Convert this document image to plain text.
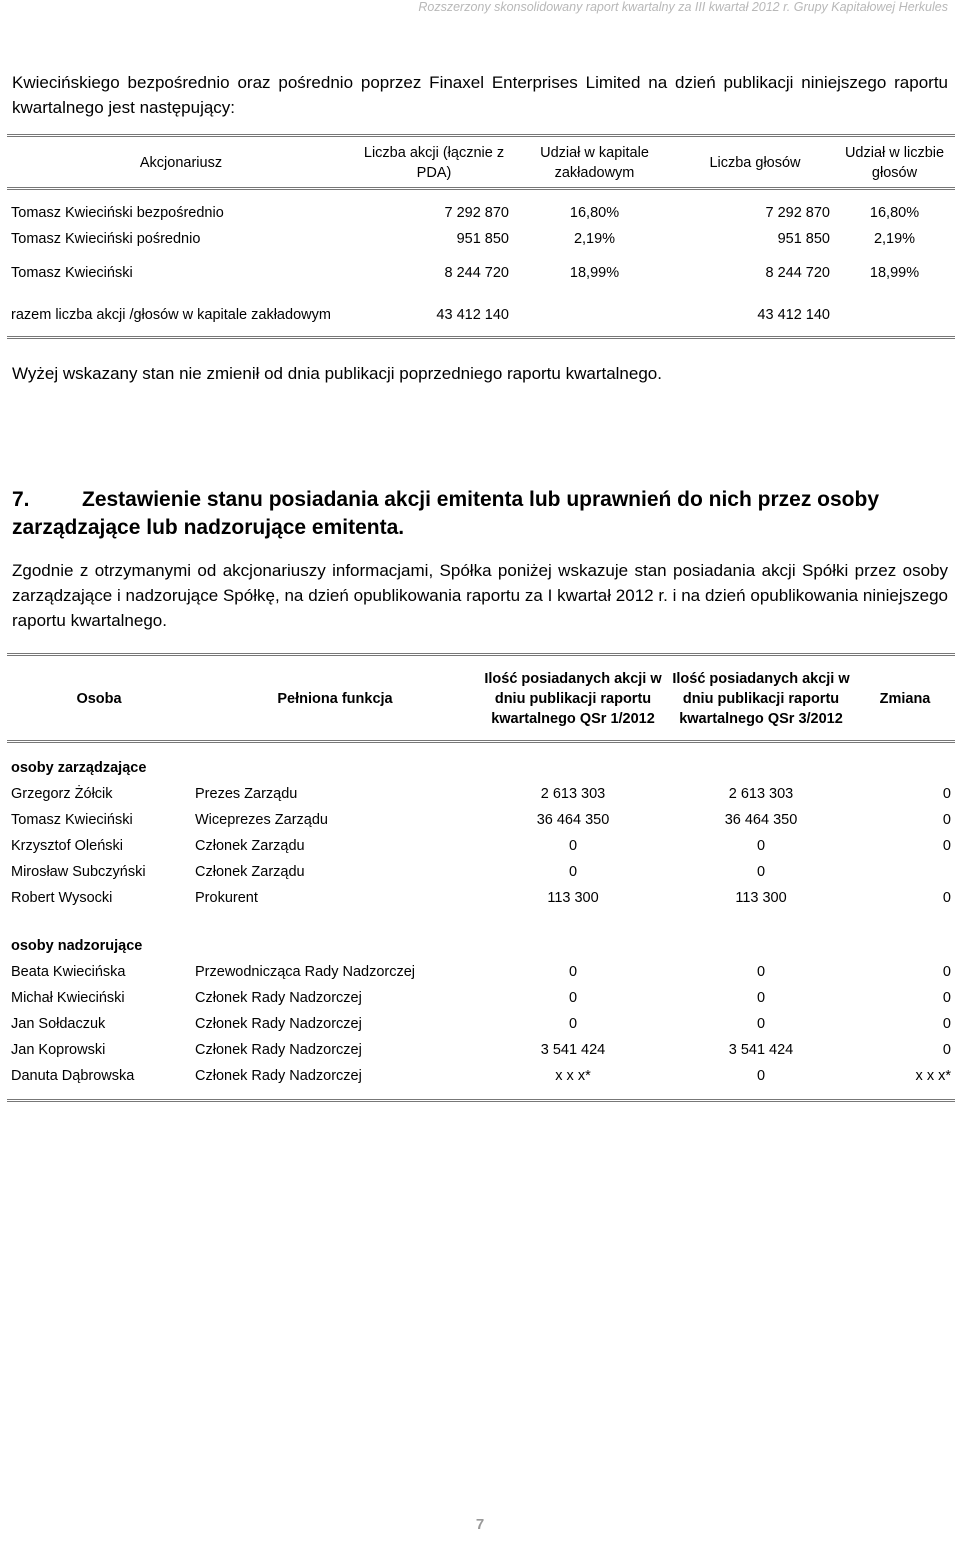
Rozszerzony skonsolidowany raport kwartalny za III kwartał 2012 r. Grupy Kapitałowej Herkules

Kwiecińskiego bezpośrednio oraz pośrednio poprzez Finaxel Enterprises Limited na dzień publikacji niniejszego raportu kwartalnego jest następujący:

Akcjonariusz	Liczba akcji (łącznie z PDA)	Udział w kapitale zakładowym	Liczba głosów	Udział w liczbie głosów

Tomasz Kwieciński bezpośrednio	7 292 870	16,80%	7 292 870	16,80%
Tomasz Kwieciński pośrednio	951 850	2,19%	951 850	2,19%

Tomasz Kwieciński	8 244 720	18,99%	8 244 720	18,99%

razem liczba akcji /głosów w kapitale zakładowym	43 412 140		43 412 140	

Wyżej wskazany stan nie zmienił od dnia publikacji poprzedniego raportu kwartalnego.

7. Zestawienie stanu posiadania akcji emitenta lub uprawnień do nich przez osoby zarządzające lub nadzorujące emitenta.

Zgodnie z otrzymanymi od akcjonariuszy informacjami, Spółka poniżej wskazuje stan posiadania akcji Spółki przez osoby zarządzające i nadzorujące Spółkę, na dzień opublikowania raportu za I kwartał 2012 r. i na dzień opublikowania niniejszego raportu kwartalnego.

Osoba	Pełniona funkcja	Ilość posiadanych akcji w dniu publikacji raportu kwartalnego QSr 1/2012	Ilość posiadanych akcji w dniu publikacji raportu kwartalnego QSr 3/2012	Zmiana

osoby zarządzające				
Grzegorz Żółcik	Prezes Zarządu	2 613 303	2 613 303	0
Tomasz Kwieciński	Wiceprezes Zarządu	36 464 350	36 464 350	0
Krzysztof Oleński	Członek Zarządu	0	0	0
Mirosław Subczyński	Członek Zarządu	0	0	
Robert Wysocki	Prokurent	113 300	113 300	0

osoby nadzorujące				
Beata Kwiecińska	Przewodnicząca Rady Nadzorczej	0	0	0
Michał Kwieciński	Członek Rady Nadzorczej	0	0	0
Jan Sołdaczuk	Członek Rady Nadzorczej	0	0	0
Jan Koprowski	Członek Rady Nadzorczej	3 541 424	3 541 424	0
Danuta Dąbrowska	Członek Rady Nadzorczej	x x x*	0	x x x*

7
